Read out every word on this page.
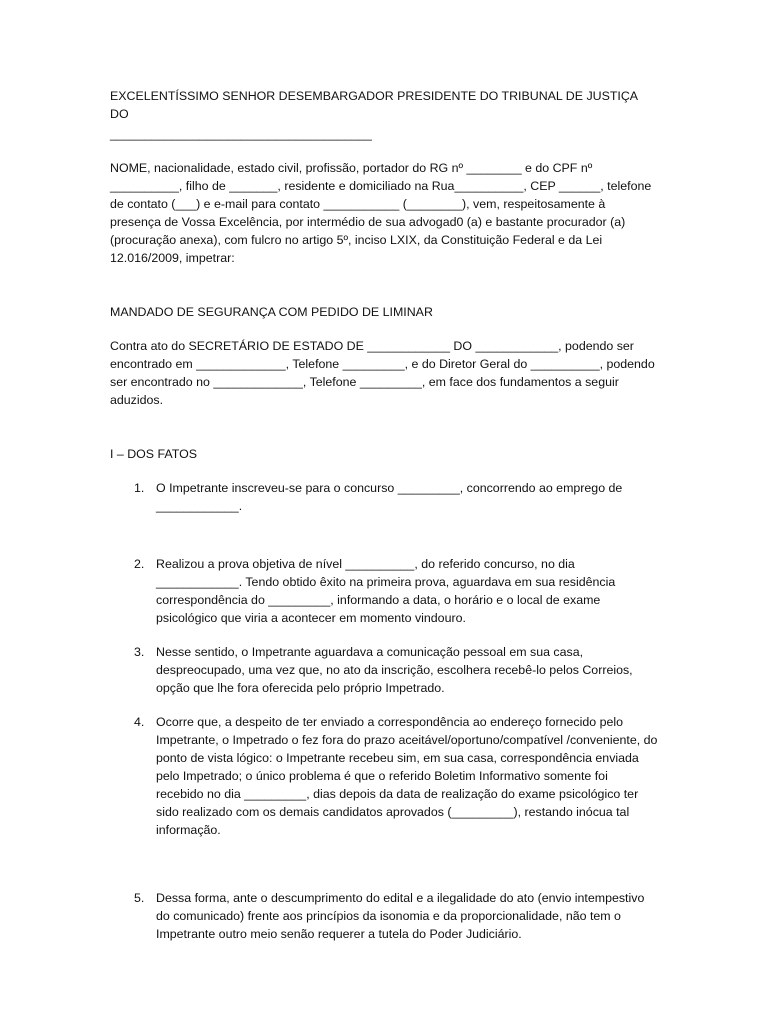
EXCELENTÍSSIMO SENHOR DESEMBARGADOR PRESIDENTE DO TRIBUNAL DE JUSTIÇA DO

______________________________________

NOME, nacionalidade, estado civil, profissão, portador do RG nº ________ e do CPF nº __________, filho de _______, residente e domiciliado na Rua__________, CEP ______, telefone de contato (___) e e-mail para contato ___________ (________), vem, respeitosamente à presença de Vossa Excelência, por intermédio de sua advogad0 (a) e bastante procurador (a) (procuração anexa), com fulcro no artigo 5º, inciso LXIX, da Constituição Federal e da Lei 12.016/2009, impetrar:

MANDADO DE SEGURANÇA COM PEDIDO DE LIMINAR

Contra ato do SECRETÁRIO DE ESTADO DE ____________ DO ____________, podendo ser encontrado em _____________, Telefone _________, e do Diretor Geral do __________, podendo ser encontrado no _____________, Telefone _________, em face dos fundamentos a seguir aduzidos.

I – DOS FATOS

1. O Impetrante inscreveu-se para o concurso _________, concorrendo ao emprego de ____________.

2. Realizou a prova objetiva de nível __________, do referido concurso, no dia ____________. Tendo obtido êxito na primeira prova, aguardava em sua residência correspondência do _________, informando a data, o horário e o local de exame psicológico que viria a acontecer em momento vindouro.

3. Nesse sentido, o Impetrante aguardava a comunicação pessoal em sua casa, despreocupado, uma vez que, no ato da inscrição, escolhera recebê-lo pelos Correios, opção que lhe fora oferecida pelo próprio Impetrado.

4. Ocorre que, a despeito de ter enviado a correspondência ao endereço fornecido pelo Impetrante, o Impetrado o fez fora do prazo aceitável/oportuno/compatível /conveniente, do ponto de vista lógico: o Impetrante recebeu sim, em sua casa, correspondência enviada pelo Impetrado; o único problema é que o referido Boletim Informativo somente foi recebido no dia _________, dias depois da data de realização do exame psicológico ter sido realizado com os demais candidatos aprovados (_________), restando inócua tal informação.

5. Dessa forma, ante o descumprimento do edital e a ilegalidade do ato (envio intempestivo do comunicado) frente aos princípios da isonomia e da proporcionalidade, não tem o Impetrante outro meio senão requerer a tutela do Poder Judiciário.
